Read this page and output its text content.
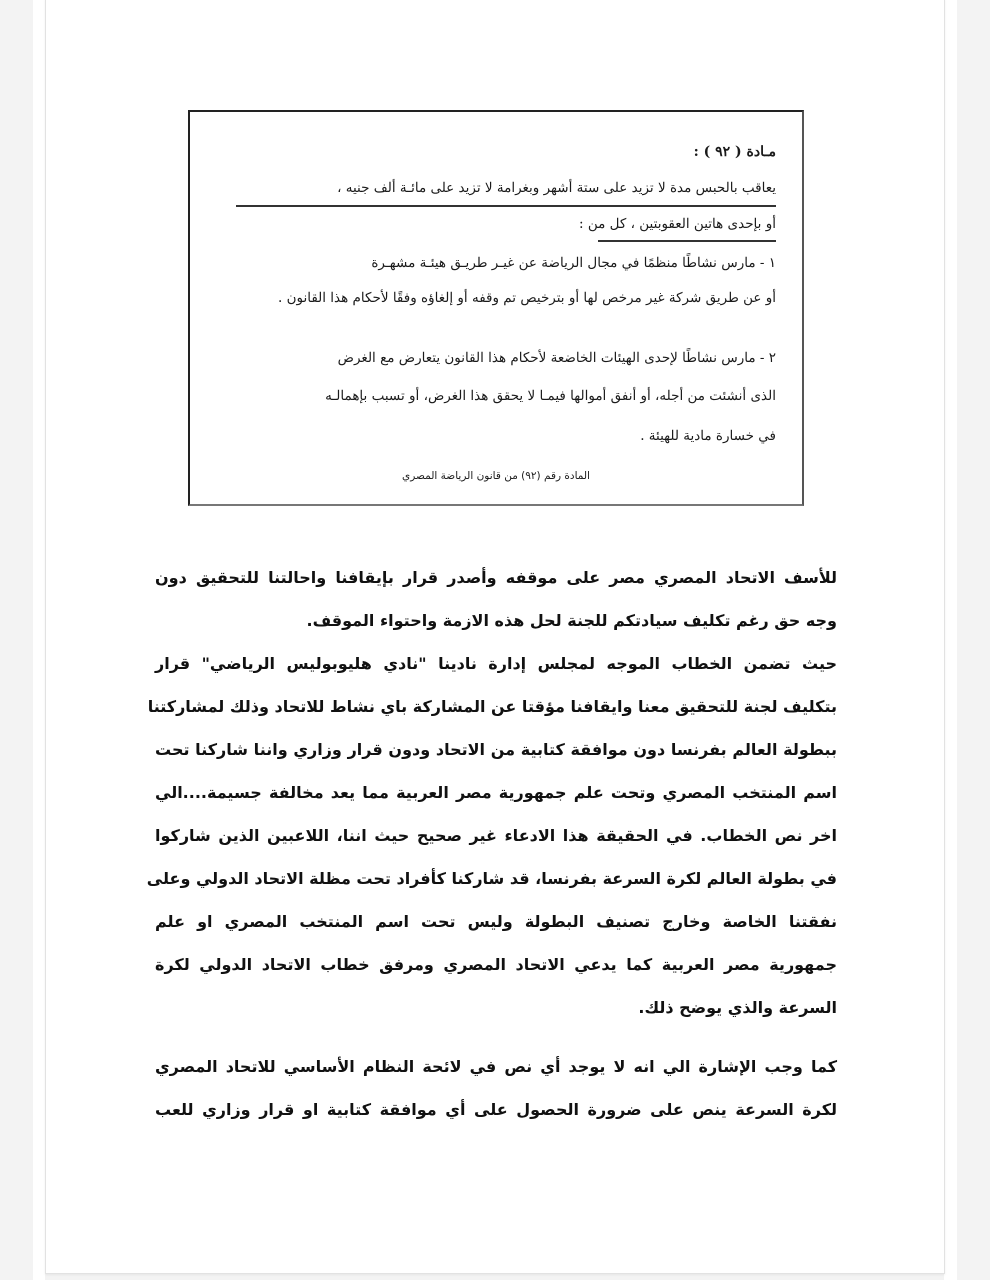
مـادة ( ٩٢ ) :
يعاقب بالحبس مدة لا تزيد على ستة أشهر وبغرامة لا تزيد على مائـة ألف جنيه ،
أو بإحدى هاتين العقوبتين ، كل من :
١ - مارس نشاطًا منظمًا في مجال الرياضة عن غيـر طريـق هيئـة مشهـرة
أو عن طريق شركة غير مرخص لها أو بترخيص تم وقفه أو إلغاؤه وفقًا لأحكام هذا القانون .
٢ - مارس نشاطًا لإحدى الهيئات الخاضعة لأحكام هذا القانون يتعارض مع الغرض
الذى أنشئت من أجله، أو أنفق أموالها فيمـا لا يحقق هذا الغرض، أو تسبب بإهمالـه
في خسارة مادية للهيئة .
المادة رقم (٩٢) من قانون الرياضة المصري
للأسف الاتحاد المصري مصر على موقفه وأصدر قرار بإيقافنا واحالتنا للتحقيق دون
وجه حق رغم تكليف سيادتكم للجنة لحل هذه الازمة واحتواء الموقف.
حيث تضمن الخطاب الموجه لمجلس إدارة نادينا "نادي هليوبوليس الرياضي" قرار
بتكليف لجنة للتحقيق معنا وايقافنا مؤقتا عن المشاركة باي نشاط للاتحاد وذلك لمشاركتنا
ببطولة العالم بفرنسا دون موافقة كتابية من الاتحاد ودون قرار وزاري واننا شاركنا تحت
اسم المنتخب المصري وتحت علم جمهورية مصر العربية مما يعد مخالفة جسيمة....الي
اخر نص الخطاب. في الحقيقة هذا الادعاء غير صحيح حيث اننا، اللاعبين الذين شاركوا
في بطولة العالم لكرة السرعة بفرنسا، قد شاركنا كأفراد تحت مظلة الاتحاد الدولي وعلى
نفقتنا الخاصة وخارج تصنيف البطولة وليس تحت اسم المنتخب المصري او علم
جمهورية مصر العربية كما يدعي الاتحاد المصري ومرفق خطاب الاتحاد الدولي لكرة
السرعة والذي يوضح ذلك.
كما وجب الإشارة الي انه لا يوجد أي نص في لائحة النظام الأساسي للاتحاد المصري
لكرة السرعة ينص على ضرورة الحصول على أي موافقة كتابية او قرار وزاري للعب
